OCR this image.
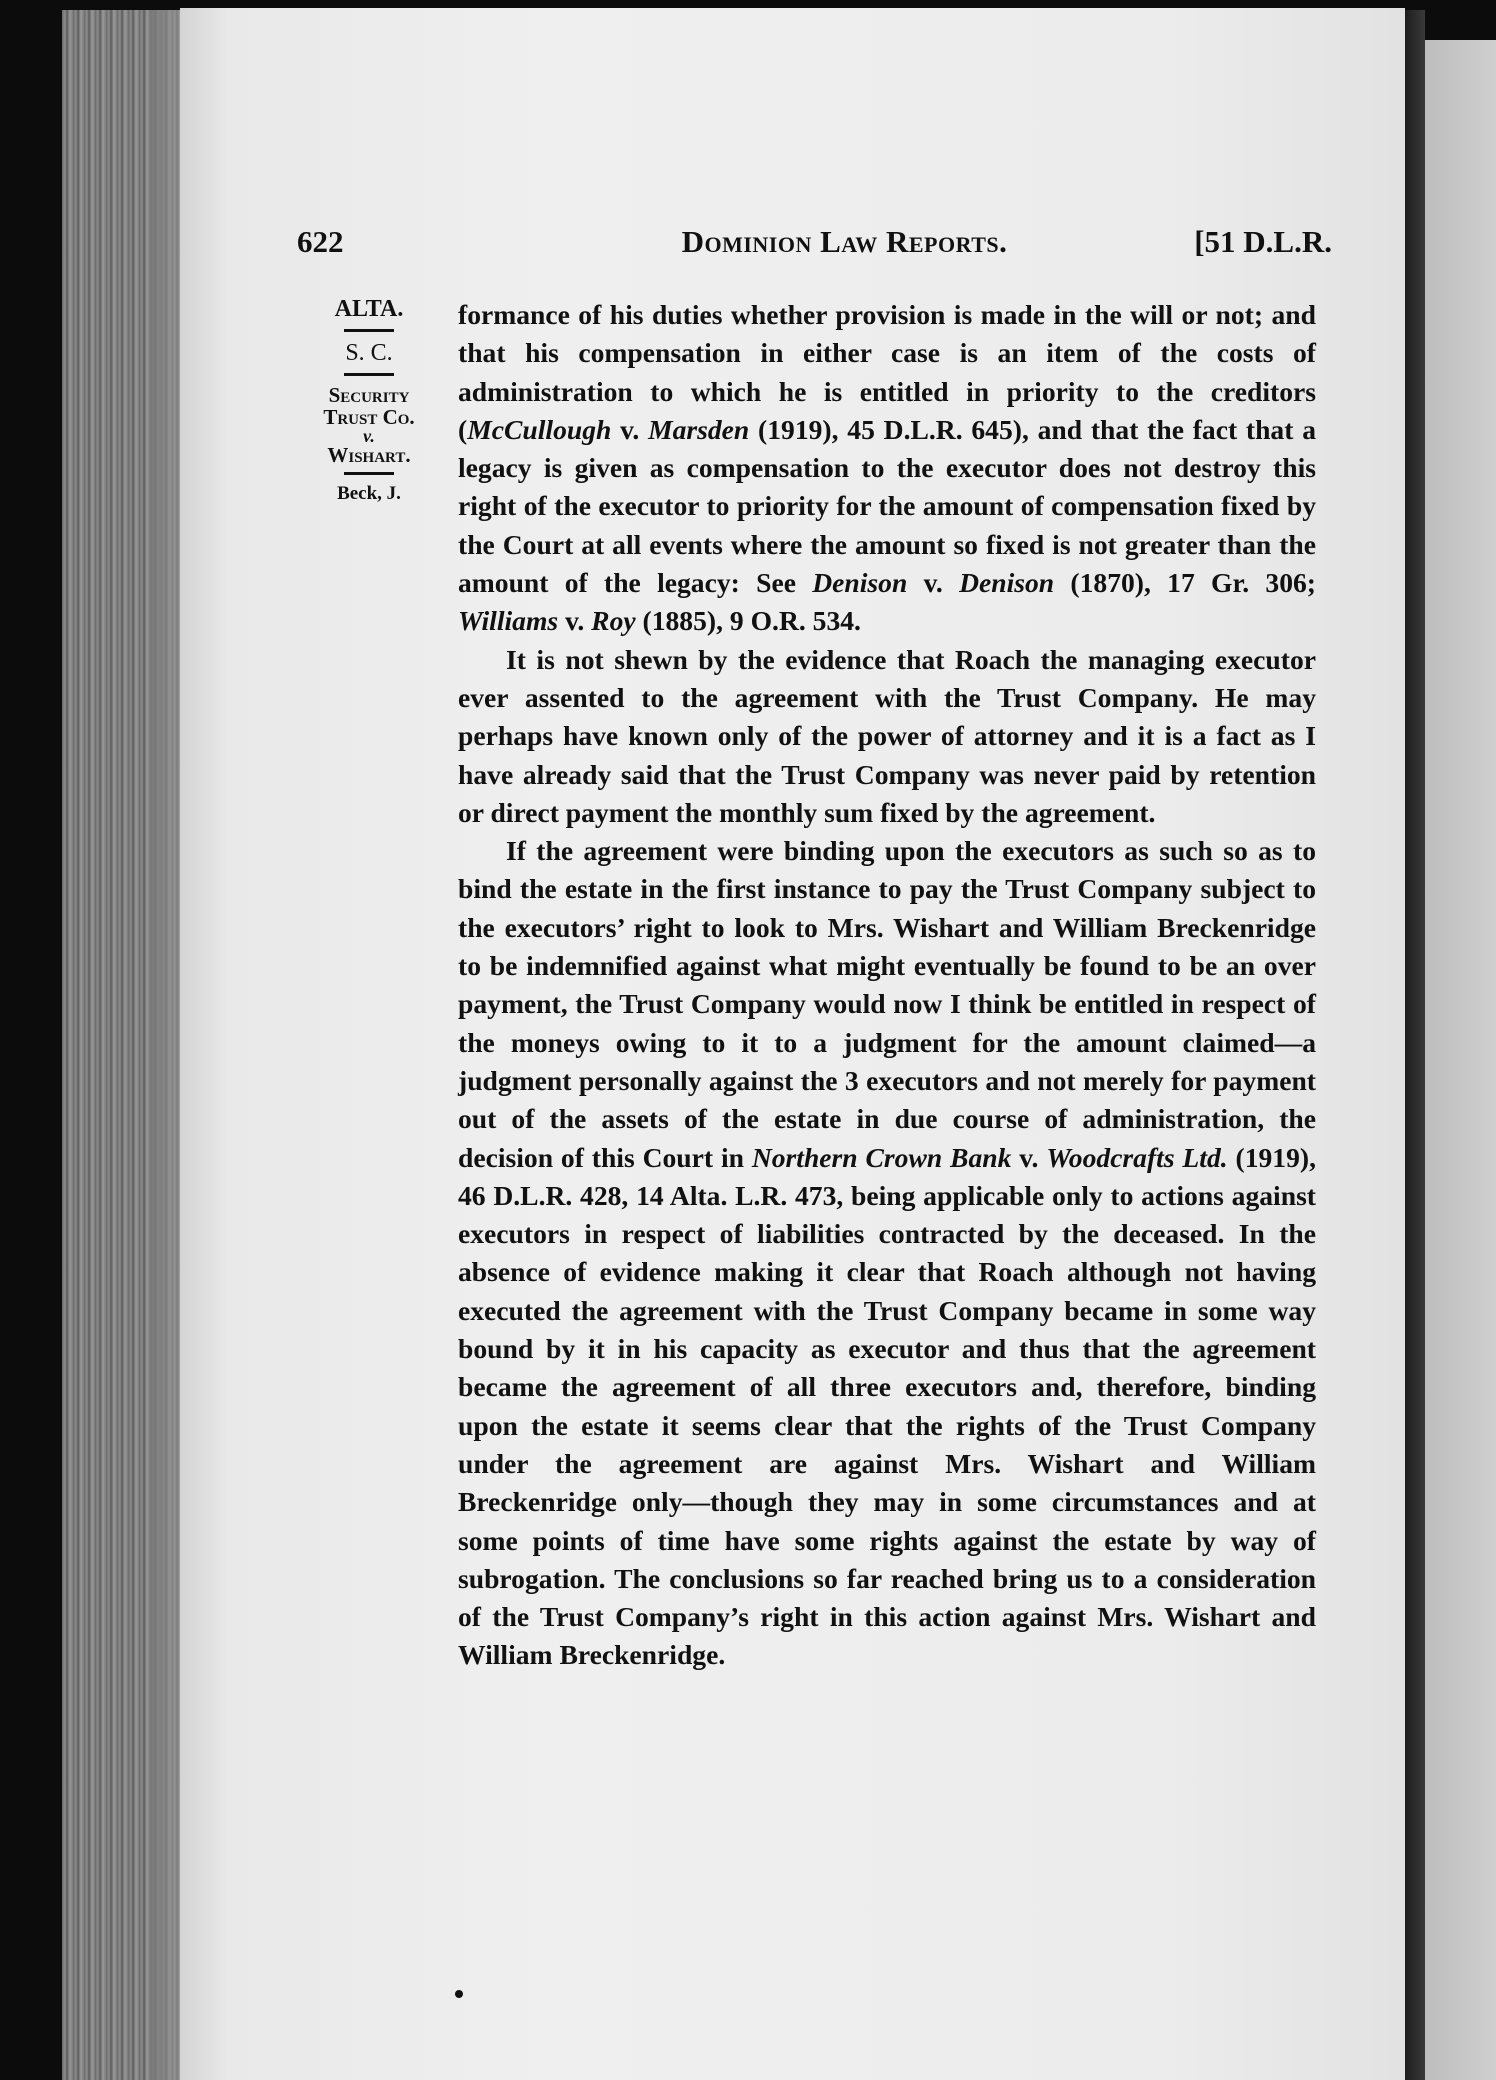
622	Dominion Law Reports.	[51 D.L.R.
ALTA.
S. C.
Security
Trust Co.
v.
Wishart.
Beck, J.

formance of his duties whether provision is made in the will or not; and that his compensation in either case is an item of the costs of administration to which he is entitled in priority to the creditors (McCullough v. Marsden (1919), 45 D.L.R. 645), and that the fact that a legacy is given as compensation to the executor does not destroy this right of the executor to priority for the amount of compensation fixed by the Court at all events where the amount so fixed is not greater than the amount of the legacy: See Denison v. Denison (1870), 17 Gr. 306; Williams v. Roy (1885), 9 O.R. 534.

It is not shewn by the evidence that Roach the managing executor ever assented to the agreement with the Trust Company. He may perhaps have known only of the power of attorney and it is a fact as I have already said that the Trust Company was never paid by retention or direct payment the monthly sum fixed by the agreement.

If the agreement were binding upon the executors as such so as to bind the estate in the first instance to pay the Trust Company subject to the executors’ right to look to Mrs. Wishart and William Breckenridge to be indemnified against what might eventually be found to be an over payment, the Trust Company would now I think be entitled in respect of the moneys owing to it to a judgment for the amount claimed—a judgment personally against the 3 executors and not merely for payment out of the assets of the estate in due course of administration, the decision of this Court in Northern Crown Bank v. Woodcrafts Ltd. (1919), 46 D.L.R. 428, 14 Alta. L.R. 473, being applicable only to actions against executors in respect of liabilities contracted by the deceased. In the absence of evidence making it clear that Roach although not having executed the agreement with the Trust Company became in some way bound by it in his capacity as executor and thus that the agreement became the agreement of all three executors and, therefore, binding upon the estate it seems clear that the rights of the Trust Company under the agreement are against Mrs. Wishart and William Breckenridge only—though they may in some circumstances and at some points of time have some rights against the estate by way of subrogation. The conclusions so far reached bring us to a consideration of the Trust Company’s right in this action against Mrs. Wishart and William Breckenridge.
